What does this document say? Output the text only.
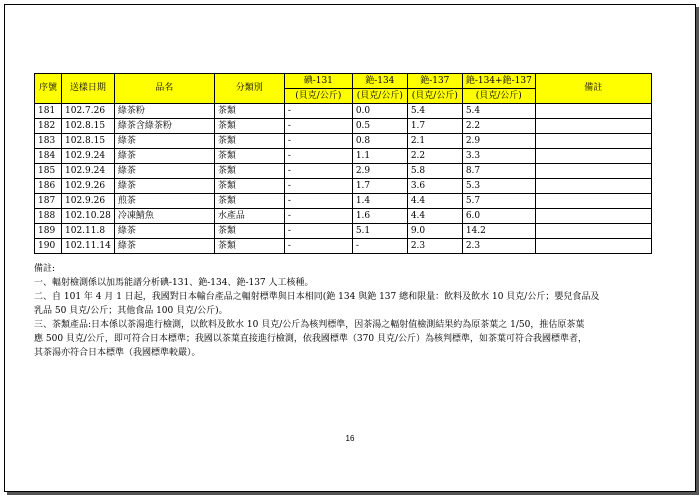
序號	送樣日期	品名	分類別	碘-131	銫-134	銫-137	銫-134+銫-137	備註
				(貝克/公斤)	(貝克/公斤)	(貝克/公斤)	(貝克/公斤)	
181	102.7.26	綠茶粉	茶類	-	0.0	5.4	5.4	
182	102.8.15	綠茶含綠茶粉	茶類	-	0.5	1.7	2.2	
183	102.8.15	綠茶	茶類	-	0.8	2.1	2.9	
184	102.9.24	綠茶	茶類	-	1.1	2.2	3.3	
185	102.9.24	綠茶	茶類	-	2.9	5.8	8.7	
186	102.9.26	綠茶	茶類	-	1.7	3.6	5.3	
187	102.9.26	煎茶	茶類	-	1.4	4.4	5.7	
188	102.10.28	冷凍鯖魚	水產品	-	1.6	4.4	6.0	
189	102.11.8	綠茶	茶類	-	5.1	9.0	14.2	
190	102.11.14	綠茶	茶類	-	-	2.3	2.3	

備註:

一、輻射檢測係以加馬能譜分析碘-131、銫-134、銫-137 人工核種。

二、自 101 年 4 月 1 日起，我國對日本輸台產品之輻射標準與日本相同(銫 134 與銫 137 總和限量：飲料及飲水 10 貝克/公斤；嬰兒食品及

乳品 50 貝克/公斤；其他食品 100 貝克/公斤)。

三、茶類產品:日本係以茶湯進行檢測，以飲料及飲水 10 貝克/公斤為核判標準，因茶湯之輻射值檢測結果約為原茶葉之 1/50，推估原茶葉

應 500 貝克/公斤，即可符合日本標準；我國以茶葉直接進行檢測，依我國標準（370 貝克/公斤）為核判標準，如茶葉可符合我國標準者，

其茶湯亦符合日本標準（我國標準較嚴）。

16
